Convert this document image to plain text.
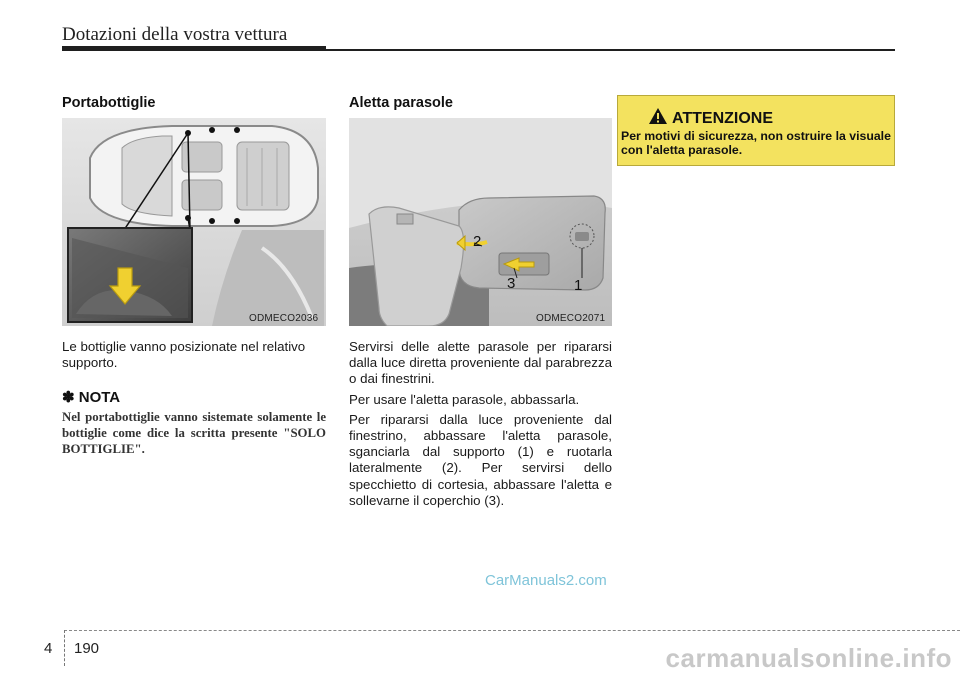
Dotazioni della vostra vettura
Portabottiglie
ODMECO2036
Le bottiglie vanno posizionate nel relativo supporto.
✽ NOTA
Nel portabottiglie vanno sistemate solamente le bottiglie come dice la scritta presente "SOLO BOTTIGLIE".
Aletta parasole
1
2
3
ODMECO2071

Servirsi delle alette parasole per ripararsi dalla luce diretta proveniente dal parabrezza o dai finestrini.

Per usare l'aletta parasole, abbassarla.

Per ripararsi dalla luce proveniente dal finestrino, abbassare l'aletta parasole, sganciarla dal supporto (1) e ruotarla lateralmente (2). Per servirsi dello specchietto di cortesia, abbassare l'aletta e sollevarne il coperchio (3).

ATTENZIONE
Per motivi di sicurezza, non ostruire la visuale con l'aletta parasole.
CarManuals2.com
4 190	carmanualsonline.info
